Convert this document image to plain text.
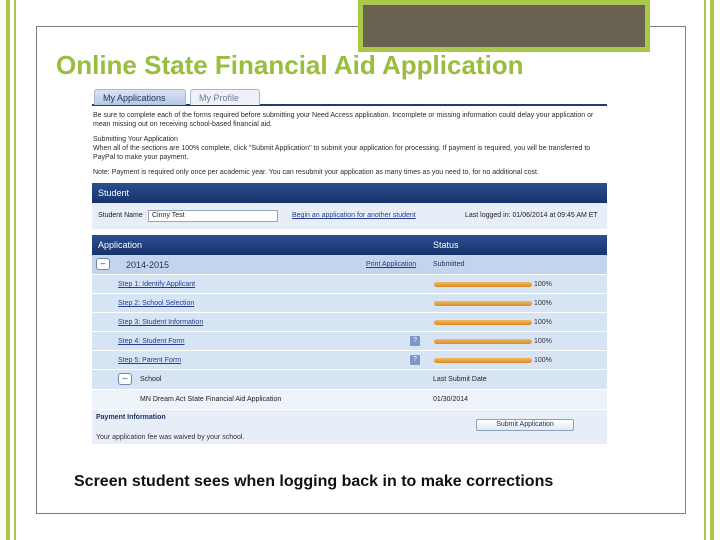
Online State Financial Aid Application
My Applications	My Profile

Be sure to complete each of the forms required before submitting your Need Access application. Incomplete or missing information could delay your application or mean missing out on receiving school-based financial aid.

Submitting Your Application
When all of the sections are 100% complete, click "Submit Application" to submit your application for processing. If payment is required, you will be transferred to PayPal to make your payment.

Note: Payment is required only once per academic year. You can resubmit your application as many times as you need to, for no additional cost.

Student
Student Name	Cinny Test	Begin an application for another student	Last logged in: 01/06/2014 at 09:45 AM ET
Application	Status
–	2014-2015	Print Application Submitted
Step 1: Identify Applicant	100%
Step 2: School Selection	100%
Step 3: Student Information	100%
Step 4: Student Form	?	100%
Step 5: Parent Form	?	100%
–	School	Last Submit Date
MN Dream Act State Financial Aid Application	01/30/2014
Payment Information
Submit Application
Your application fee was waived by your school.
Screen student sees when logging back in to make corrections
